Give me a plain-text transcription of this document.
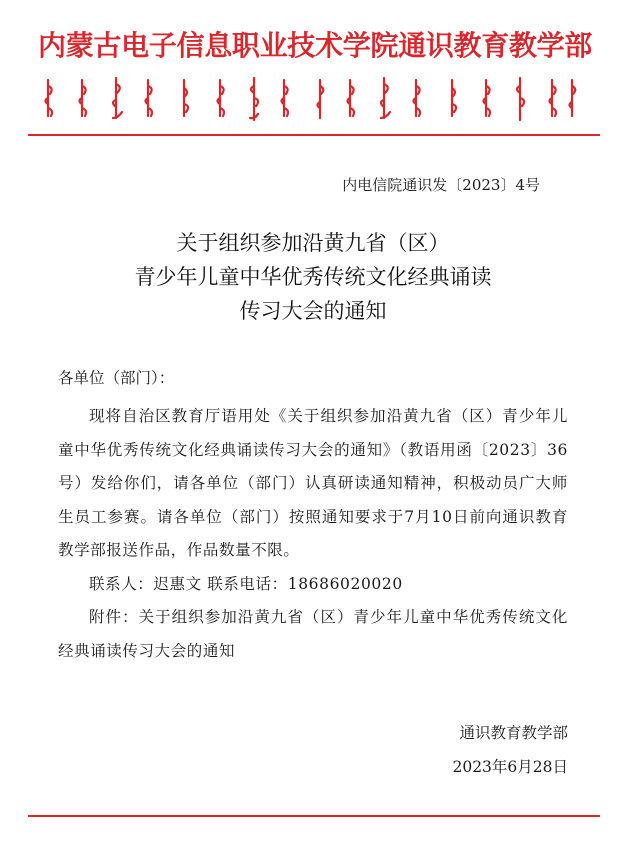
内蒙古电子信息职业技术学院通识教育教学部
内电信院通识发〔2023〕4号
关于组织参加沿黄九省（区）
青少年儿童中华优秀传统文化经典诵读
传习大会的通知
各单位（部门）：

现将自治区教育厅语用处《关于组织参加沿黄九省（区）青少年儿童中华优秀传统文化经典诵读传习大会的通知》（教语用函〔2023〕36号）发给你们，请各单位（部门）认真研读通知精神，积极动员广大师生员工参赛。请各单位（部门）按照通知要求于7月10日前向通识教育教学部报送作品，作品数量不限。

联系人：迟惠文 联系电话：18686020020

附件：关于组织参加沿黄九省（区）青少年儿童中华优秀传统文化经典诵读传习大会的通知

通识教育教学部
2023年6月28日
